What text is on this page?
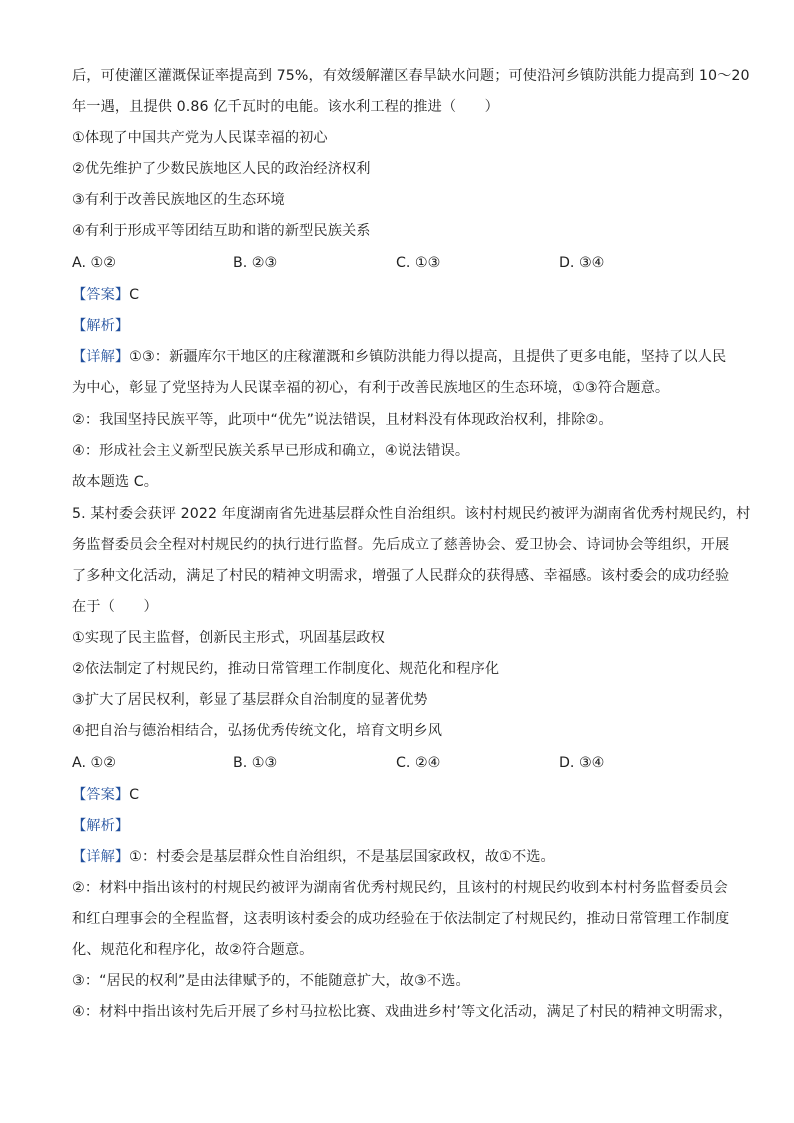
后，可使灌区灌溉保证率提高到 75%，有效缓解灌区春旱缺水问题；可使沿河乡镇防洪能力提高到 10～20
年一遇，且提供 0.86 亿千瓦时的电能。该水利工程的推进（　　）
①体现了中国共产党为人民谋幸福的初心
②优先维护了少数民族地区人民的政治经济权利
③有利于改善民族地区的生态环境
④有利于形成平等团结互助和谐的新型民族关系
A. ①②	B. ②③	C. ①③	D. ③④
【答案】C
【解析】
【详解】①③：新疆库尔干地区的庄稼灌溉和乡镇防洪能力得以提高，且提供了更多电能，坚持了以人民
为中心，彰显了党坚持为人民谋幸福的初心，有利于改善民族地区的生态环境，①③符合题意。
②：我国坚持民族平等，此项中“优先”说法错误，且材料没有体现政治权利，排除②。
④：形成社会主义新型民族关系早已形成和确立，④说法错误。
故本题选 C。
5. 某村委会获评 2022 年度湖南省先进基层群众性自治组织。该村村规民约被评为湖南省优秀村规民约，村
务监督委员会全程对村规民约的执行进行监督。先后成立了慈善协会、爱卫协会、诗词协会等组织，开展
了多种文化活动，满足了村民的精神文明需求，增强了人民群众的获得感、幸福感。该村委会的成功经验
在于（　　）
①实现了民主监督，创新民主形式，巩固基层政权
②依法制定了村规民约，推动日常管理工作制度化、规范化和程序化
③扩大了居民权利，彰显了基层群众自治制度的显著优势
④把自治与德治相结合，弘扬优秀传统文化，培育文明乡风
A. ①②	B. ①③	C. ②④	D. ③④
【答案】C
【解析】
【详解】①：村委会是基层群众性自治组织，不是基层国家政权，故①不选。
②：材料中指出该村的村规民约被评为湖南省优秀村规民约，且该村的村规民约收到本村村务监督委员会
和红白理事会的全程监督，这表明该村委会的成功经验在于依法制定了村规民约，推动日常管理工作制度
化、规范化和程序化，故②符合题意。
③：“居民的权利”是由法律赋予的，不能随意扩大，故③不选。
④：材料中指出该村先后开展了乡村马拉松比赛、戏曲进乡村’等文化活动，满足了村民的精神文明需求，
